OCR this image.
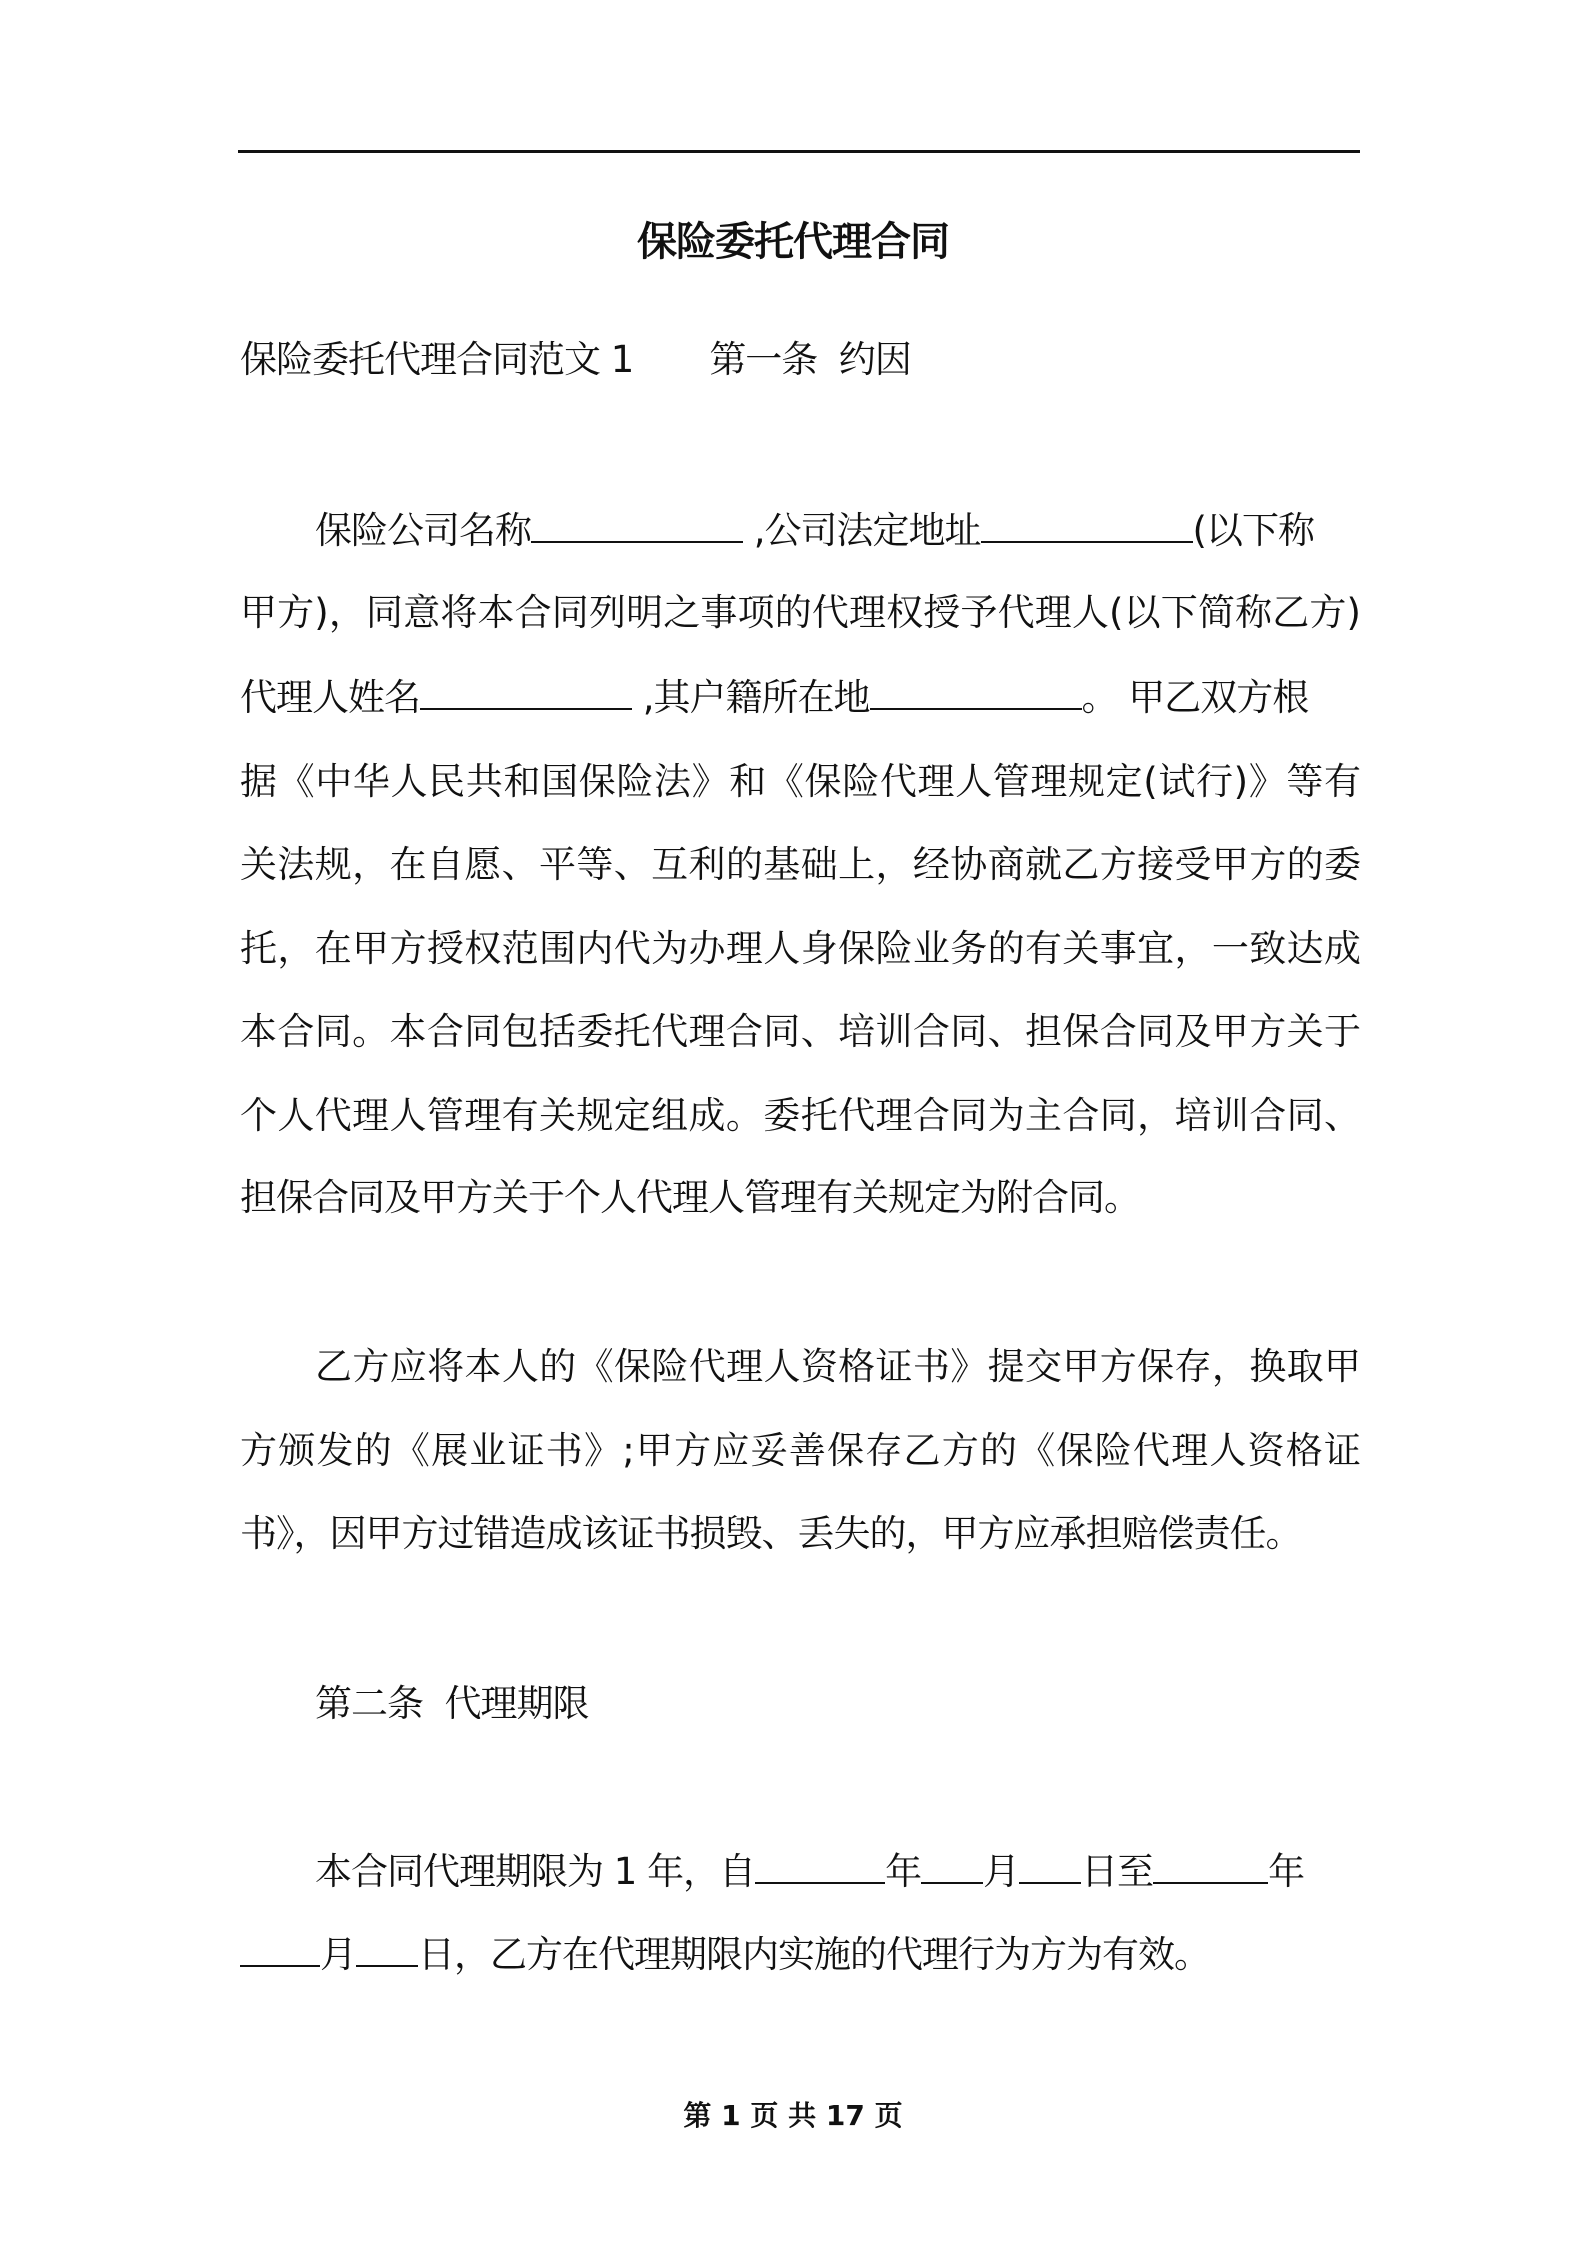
保险委托代理合同
保险委托代理合同范文 1 第一条  约因
保险公司名称	,公司法定地址	(以下称
甲方)，同意将本合同列明之事项的代理权授予代理人(以下简称乙方)
代理人姓名	,其户籍所在地	。 甲乙双方根
据《中华人民共和国保险法》和《保险代理人管理规定(试行)》等有
关法规，在自愿、平等、互利的基础上，经协商就乙方接受甲方的委
托，在甲方授权范围内代为办理人身保险业务的有关事宜，一致达成
本合同。本合同包括委托代理合同、培训合同、担保合同及甲方关于
个人代理人管理有关规定组成。委托代理合同为主合同，培训合同、
担保合同及甲方关于个人代理人管理有关规定为附合同。
乙方应将本人的《保险代理人资格证书》提交甲方保存，换取甲
方颁发的《展业证书》;甲方应妥善保存乙方的《保险代理人资格证
书》，因甲方过错造成该证书损毁、丢失的，甲方应承担赔偿责任。
第二条  代理期限
本合同代理期限为 1 年，自	年 月 日至	年
月 日，乙方在代理期限内实施的代理行为方为有效。
第 1 页 共 17 页
